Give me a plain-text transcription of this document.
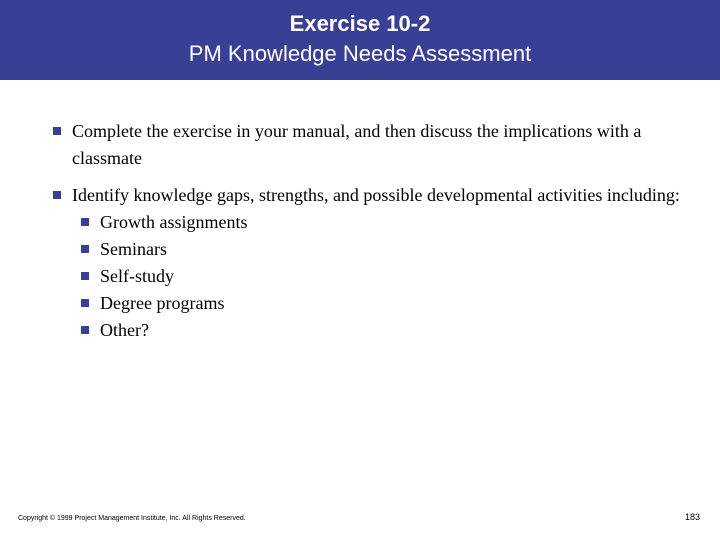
Exercise 10-2
PM Knowledge Needs Assessment
Complete the exercise in your manual, and then discuss the implications with a classmate
Identify knowledge gaps, strengths, and possible developmental activities including:
Growth assignments
Seminars
Self-study
Degree programs
Other?
Copyright © 1999 Project Management Institute, Inc. All Rights Reserved.	183
